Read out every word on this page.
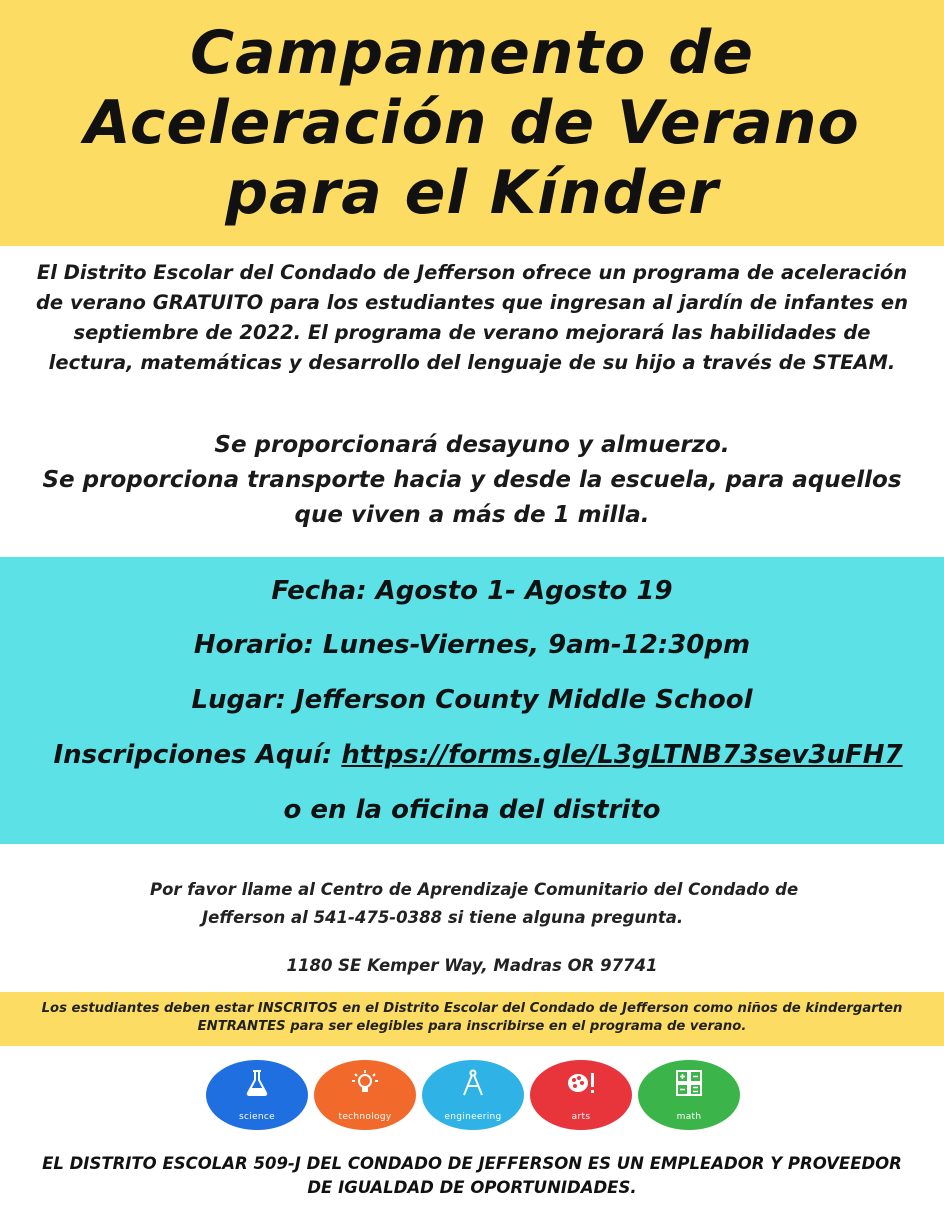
Campamento de
Aceleración de Verano
para el Kínder
El Distrito Escolar del Condado de Jefferson ofrece un programa de aceleración de verano GRATUITO para los estudiantes que ingresan al jardín de infantes en septiembre de 2022. El programa de verano mejorará las habilidades de lectura, matemáticas y desarrollo del lenguaje de su hijo a través de STEAM.
Se proporcionará desayuno y almuerzo.
Se proporciona transporte hacia y desde la escuela, para aquellos que viven a más de 1 milla.
Fecha: Agosto 1- Agosto 19
Horario: Lunes-Viernes, 9am-12:30pm
Lugar: Jefferson County Middle School
Inscripciones Aquí: https://forms.gle/L3gLTNB73sev3uFH7
o en la oficina del distrito
Por favor llame al Centro de Aprendizaje Comunitario del Condado de
Jefferson al 541-475-0388 si tiene alguna pregunta.
1180 SE Kemper Way, Madras OR 97741
Los estudiantes deben estar INSCRITOS en el Distrito Escolar del Condado de Jefferson como niños de kindergarten ENTRANTES para ser elegibles para inscribirse en el programa de verano.
science	technology	engineering	arts	math
EL DISTRITO ESCOLAR 509-J DEL CONDADO DE JEFFERSON ES UN EMPLEADOR Y PROVEEDOR
DE IGUALDAD DE OPORTUNIDADES.
